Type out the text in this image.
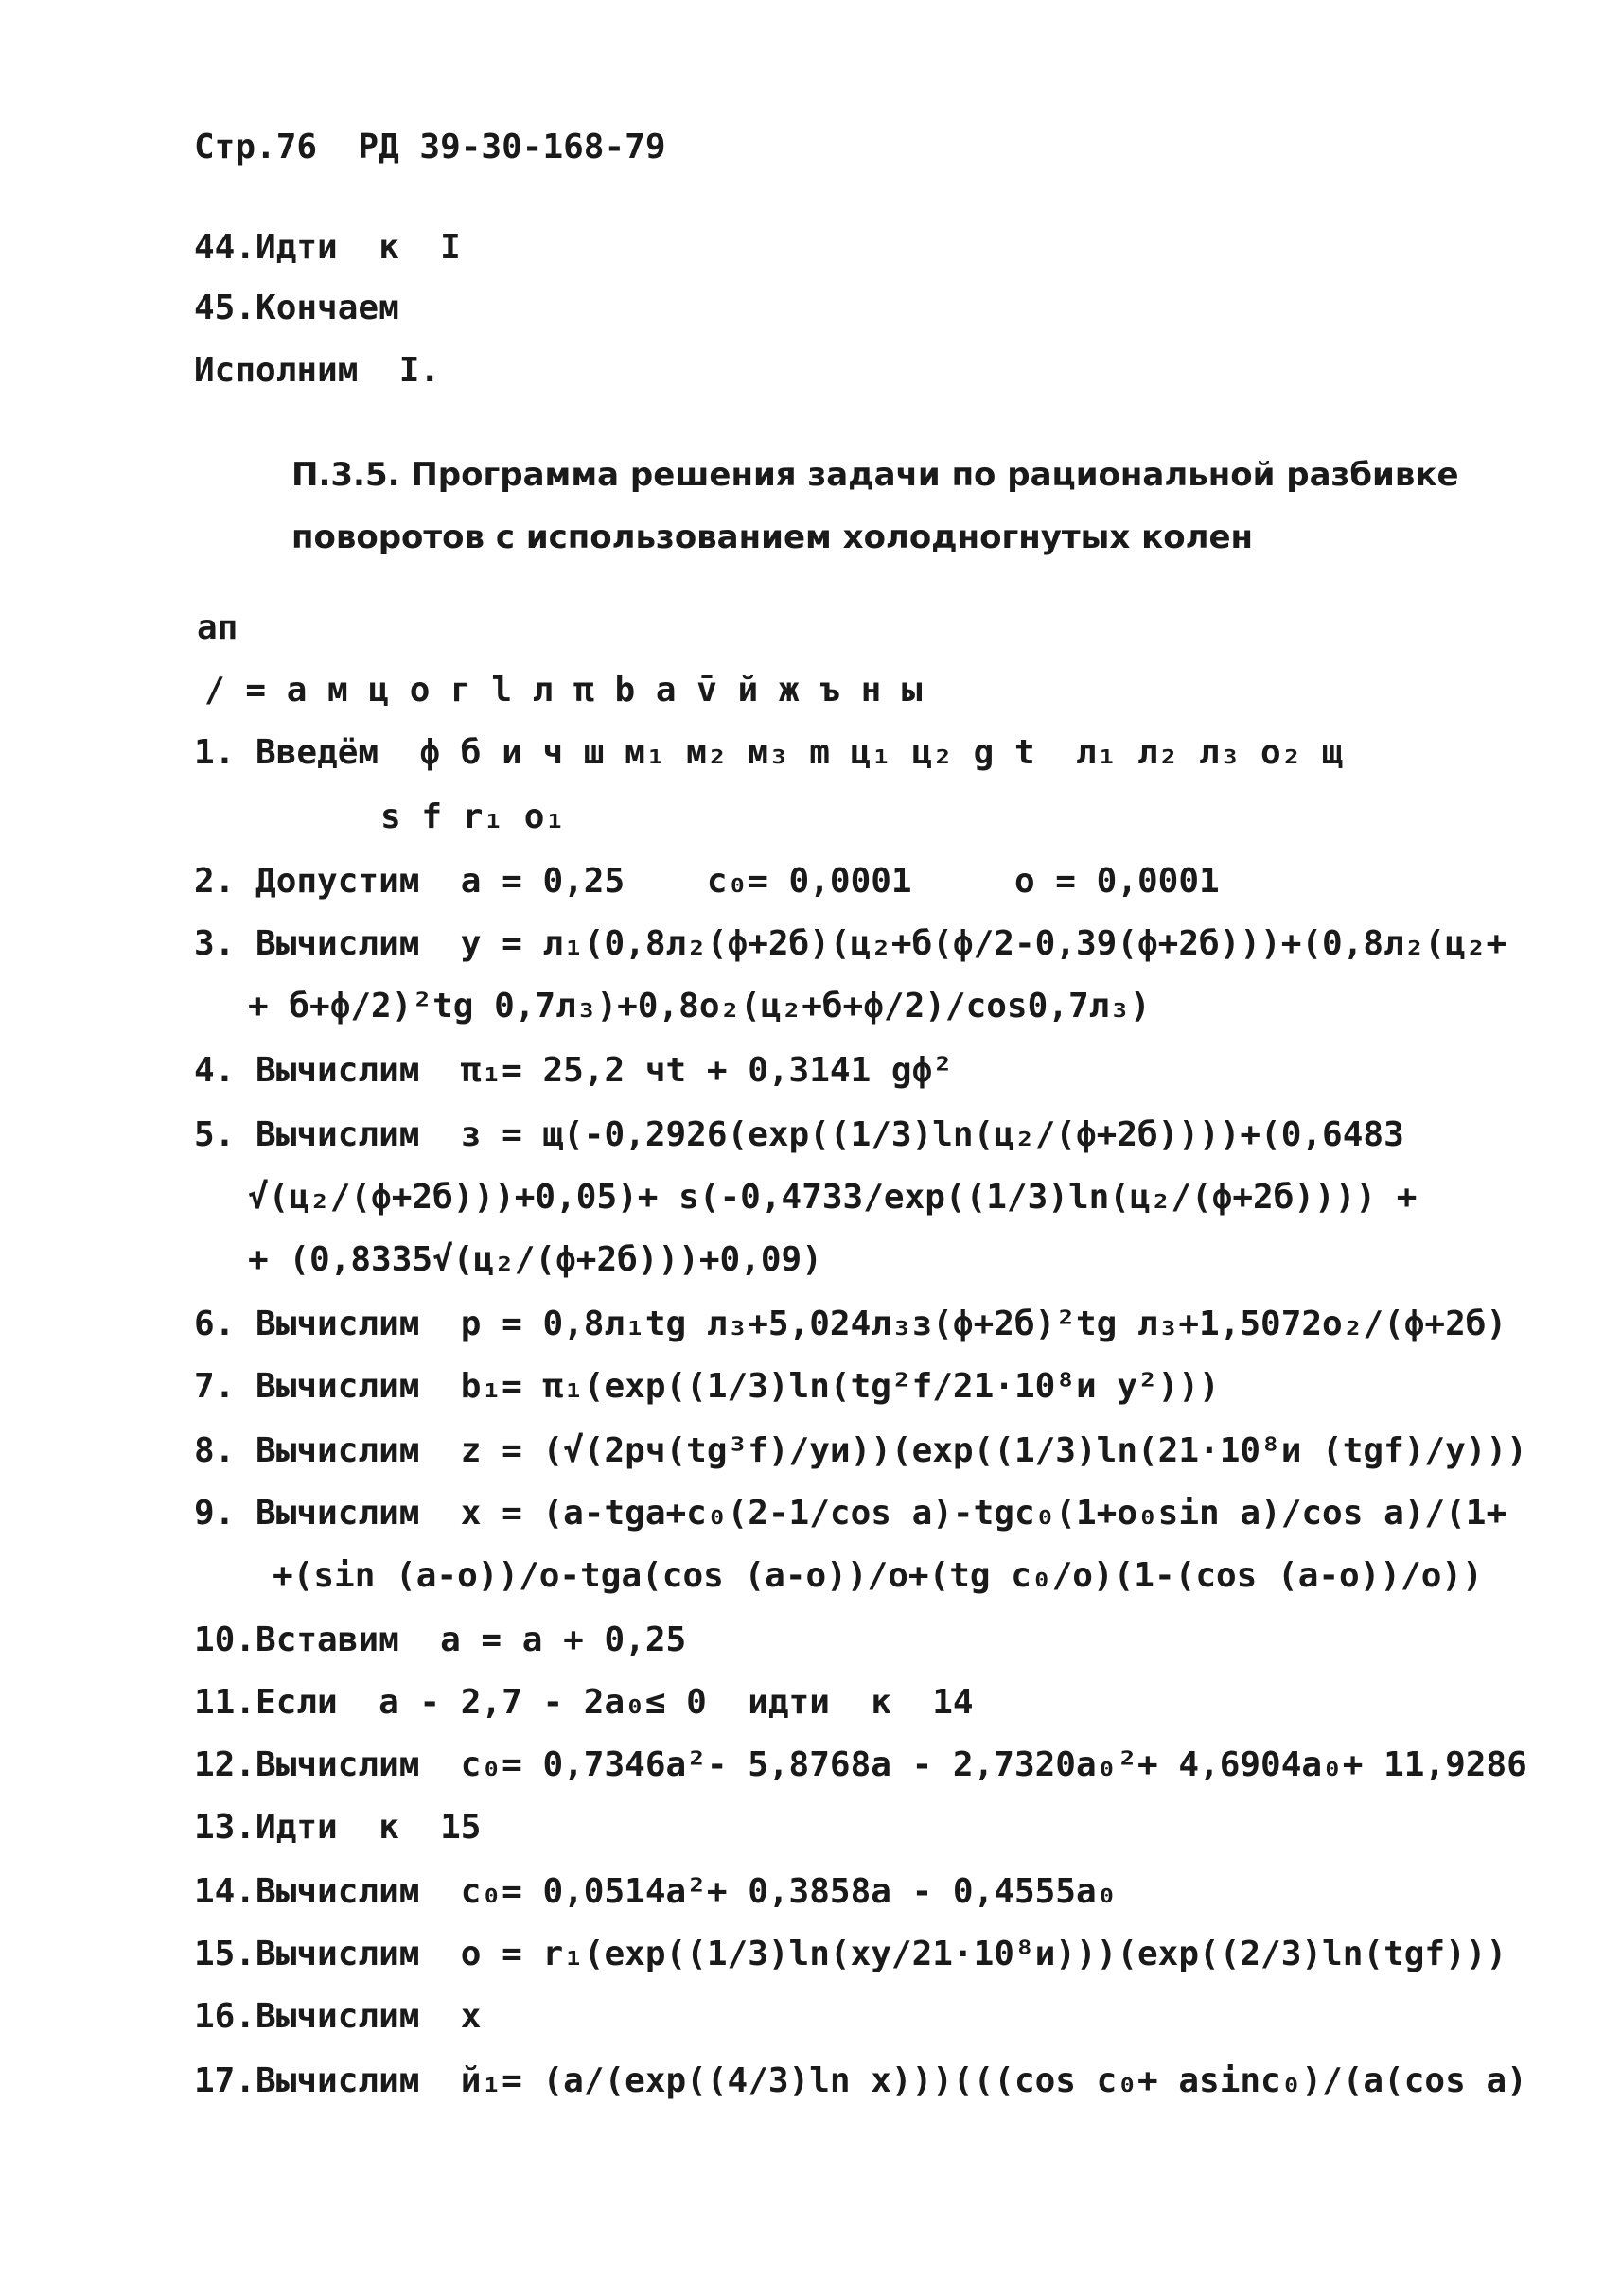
Стр.76  РД 39-30-168-79
44.Идти  к  I
45.Кончаем
Исполним  I.
П.3.5. Программа решения задачи по рациональной разбивке
поворотов с использованием холодногнутых колен
ап
/ = а м ц о г l л π b а v̄ й ж ъ н ы
1. Введём  ф б и ч ш м₁ м₂ м₃ m ц₁ ц₂ g t  л₁ л₂ л₃ о₂ щ
s f r₁ о₁
2. Допустим  а = 0,25    с₀= 0,0001     о = 0,0001
3. Вычислим  у = л₁(0,8л₂(ф+2б)(ц₂+б(ф/2-0,39(ф+2б)))+(0,8л₂(ц₂+
+ б+ф/2)²tg 0,7л₃)+0,8о₂(ц₂+б+ф/2)/cos0,7л₃)
4. Вычислим  π₁= 25,2 чt + 0,3141 gф²
5. Вычислим  з = щ(-0,2926(exp((1/3)ln(ц₂/(ф+2б))))+(0,6483
√(ц₂/(ф+2б)))+0,05)+ s(-0,4733/exp((1/3)ln(ц₂/(ф+2б)))) +
+ (0,8335√(ц₂/(ф+2б)))+0,09)
6. Вычислим  р = 0,8л₁tg л₃+5,024л₃з(ф+2б)²tg л₃+1,5072о₂/(ф+2б)
7. Вычислим  b₁= π₁(exp((1/3)ln(tg²f/21·10⁸и у²)))
8. Вычислим  z = (√(2рч(tg³f)/уи))(exp((1/3)ln(21·10⁸и (tgf)/у)))
9. Вычислим  х = (а-tgа+с₀(2-1/cos а)-tgс₀(1+о₀sin а)/cos а)/(1+
+(sin (а-о))/о-tgа(cos (а-о))/о+(tg с₀/о)(1-(cos (а-о))/о))
10.Вставим  а = а + 0,25
11.Если  а - 2,7 - 2а₀≤ 0  идти  к  14
12.Вычислим  с₀= 0,7346а²- 5,8768а - 2,7320а₀²+ 4,6904а₀+ 11,9286
13.Идти  к  15
14.Вычислим  с₀= 0,0514а²+ 0,3858а - 0,4555а₀
15.Вычислим  о = r₁(exp((1/3)ln(ху/21·10⁸и)))(exp((2/3)ln(tgf)))
16.Вычислим  х
17.Вычислим  й₁= (а/(exp((4/3)ln х)))(((cos с₀+ аsinс₀)/(а(cos а)
